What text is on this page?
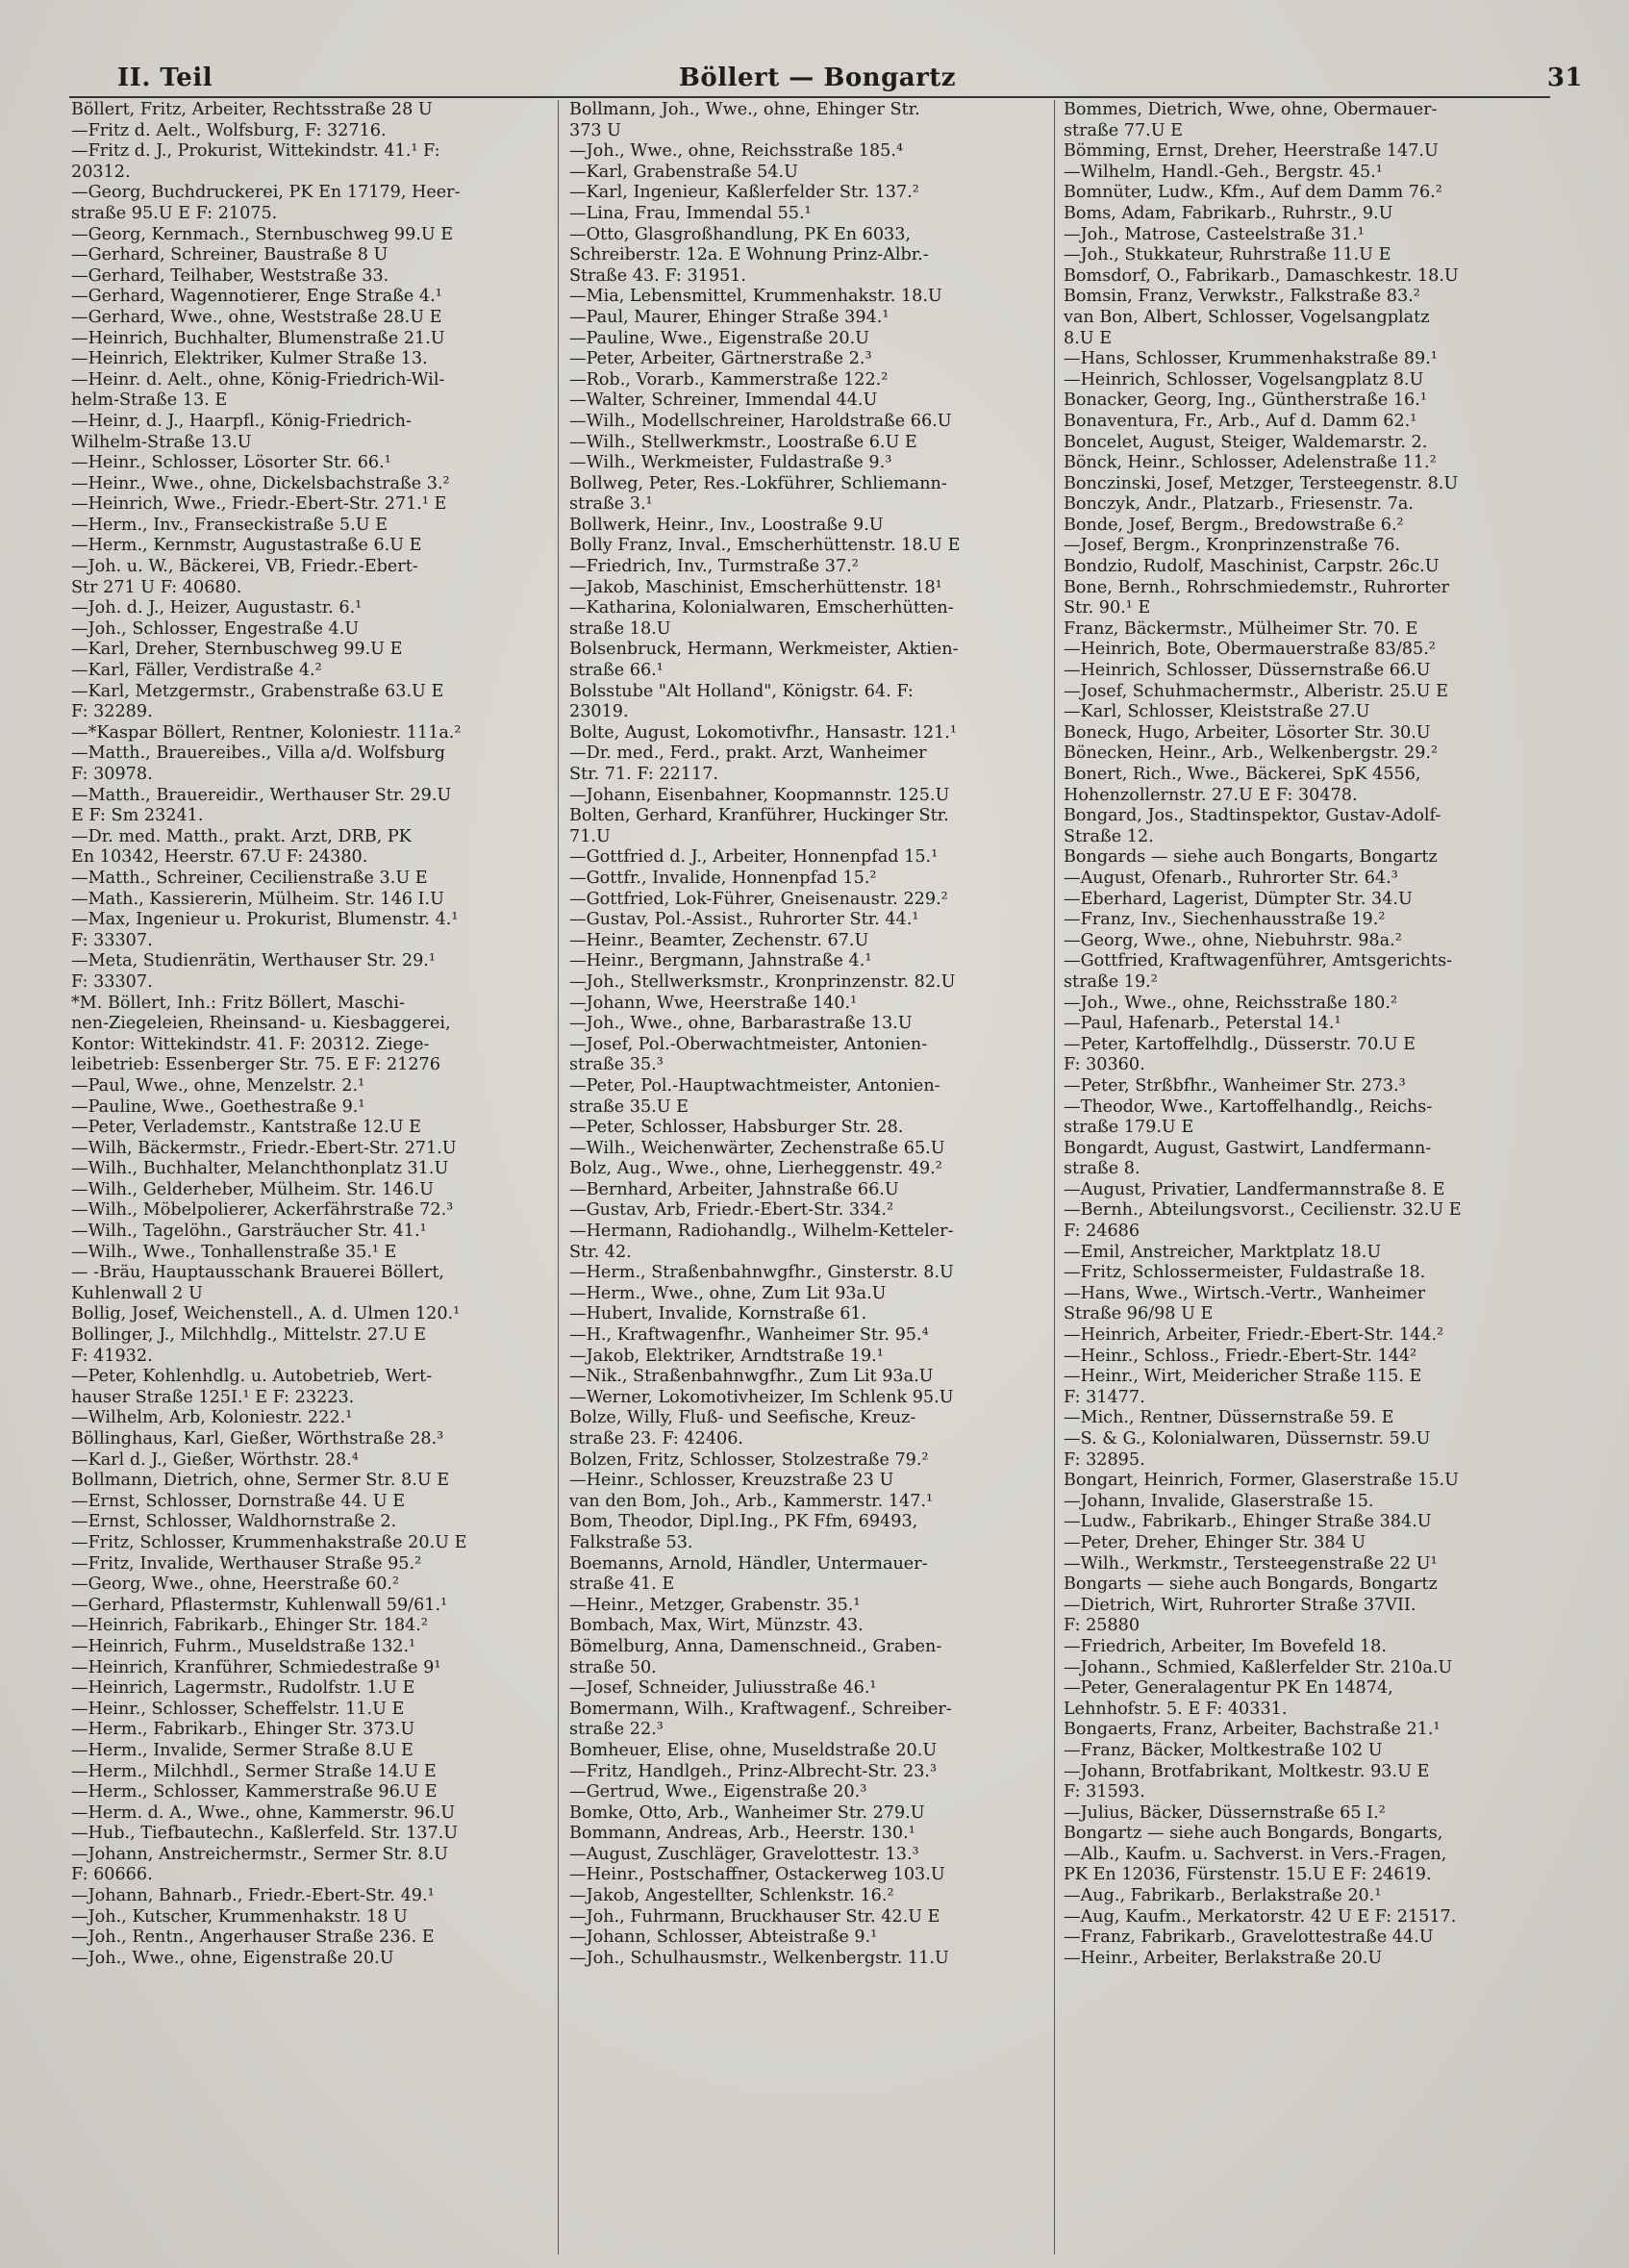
II. Teil	Böllert — Bongartz	31
Böllert, Fritz, Arbeiter, Rechtsstraße 28 U
—Fritz d. Aelt., Wolfsburg, F: 32716.
—Fritz d. J., Prokurist, Wittekindstr. 41.¹ F:
20312.
—Georg, Buchdruckerei, PK En 17179, Heer-
straße 95.U E F: 21075.
—Georg, Kernmach., Sternbuschweg 99.U E
—Gerhard, Schreiner, Baustraße 8 U
—Gerhard, Teilhaber, Weststraße 33.
—Gerhard, Wagennotierer, Enge Straße 4.¹
—Gerhard, Wwe., ohne, Weststraße 28.U E
—Heinrich, Buchhalter, Blumenstraße 21.U
—Heinrich, Elektriker, Kulmer Straße 13.
—Heinr. d. Aelt., ohne, König-Friedrich-Wil-
helm-Straße 13. E
—Heinr, d. J., Haarpfl., König-Friedrich-
Wilhelm-Straße 13.U
—Heinr., Schlosser, Lösorter Str. 66.¹
—Heinr., Wwe., ohne, Dickelsbachstraße 3.²
—Heinrich, Wwe., Friedr.-Ebert-Str. 271.¹ E
—Herm., Inv., Franseckistraße 5.U E
—Herm., Kernmstr, Augustastraße 6.U E
—Joh. u. W., Bäckerei, VB, Friedr.-Ebert-
Str 271 U F: 40680.
—Joh. d. J., Heizer, Augustastr. 6.¹
—Joh., Schlosser, Engestraße 4.U
—Karl, Dreher, Sternbuschweg 99.U E
—Karl, Fäller, Verdistraße 4.²
—Karl, Metzgermstr., Grabenstraße 63.U E
F: 32289.
—*Kaspar Böllert, Rentner, Koloniestr. 111a.²
—Matth., Brauereibes., Villa a/d. Wolfsburg
F: 30978.
—Matth., Brauereidir., Werthauser Str. 29.U
E F: Sm 23241.
—Dr. med. Matth., prakt. Arzt, DRB, PK
En 10342, Heerstr. 67.U F: 24380.
—Matth., Schreiner, Cecilienstraße 3.U E
—Math., Kassiererin, Mülheim. Str. 146 I.U
—Max, Ingenieur u. Prokurist, Blumenstr. 4.¹
F: 33307.
—Meta, Studienrätin, Werthauser Str. 29.¹
F: 33307.
*M. Böllert, Inh.: Fritz Böllert, Maschi-
nen-Ziegeleien, Rheinsand- u. Kiesbaggerei,
Kontor: Wittekindstr. 41. F: 20312. Ziege-
leibetrieb: Essenberger Str. 75. E F: 21276
—Paul, Wwe., ohne, Menzelstr. 2.¹
—Pauline, Wwe., Goethestraße 9.¹
—Peter, Verlademstr., Kantstraße 12.U E
—Wilh, Bäckermstr., Friedr.-Ebert-Str. 271.U
—Wilh., Buchhalter, Melanchthonplatz 31.U
—Wilh., Gelderheber, Mülheim. Str. 146.U
—Wilh., Möbelpolierer, Ackerfährstraße 72.³
—Wilh., Tagelöhn., Garsträucher Str. 41.¹
—Wilh., Wwe., Tonhallenstraße 35.¹ E
— -Bräu, Hauptausschank Brauerei Böllert,
Kuhlenwall 2 U
Bollig, Josef, Weichenstell., A. d. Ulmen 120.¹
Bollinger, J., Milchhdlg., Mittelstr. 27.U E
F: 41932.
—Peter, Kohlenhdlg. u. Autobetrieb, Wert-
hauser Straße 125I.¹ E F: 23223.
—Wilhelm, Arb, Koloniestr. 222.¹
Böllinghaus, Karl, Gießer, Wörthstraße 28.³
—Karl d. J., Gießer, Wörthstr. 28.⁴
Bollmann, Dietrich, ohne, Sermer Str. 8.U E
—Ernst, Schlosser, Dornstraße 44. U E
—Ernst, Schlosser, Waldhornstraße 2.
—Fritz, Schlosser, Krummenhakstraße 20.U E
—Fritz, Invalide, Werthauser Straße 95.²
—Georg, Wwe., ohne, Heerstraße 60.²
—Gerhard, Pflastermstr, Kuhlenwall 59/61.¹
—Heinrich, Fabrikarb., Ehinger Str. 184.²
—Heinrich, Fuhrm., Museldstraße 132.¹
—Heinrich, Kranführer, Schmiedestraße 9¹
—Heinrich, Lagermstr., Rudolfstr. 1.U E
—Heinr., Schlosser, Scheffelstr. 11.U E
—Herm., Fabrikarb., Ehinger Str. 373.U
—Herm., Invalide, Sermer Straße 8.U E
—Herm., Milchhdl., Sermer Straße 14.U E
—Herm., Schlosser, Kammerstraße 96.U E
—Herm. d. A., Wwe., ohne, Kammerstr. 96.U
—Hub., Tiefbautechn., Kaßlerfeld. Str. 137.U
—Johann, Anstreichermstr., Sermer Str. 8.U
F: 60666.
—Johann, Bahnarb., Friedr.-Ebert-Str. 49.¹
—Joh., Kutscher, Krummenhakstr. 18 U
—Joh., Rentn., Angerhauser Straße 236. E
—Joh., Wwe., ohne, Eigenstraße 20.U
Bollmann, Joh., Wwe., ohne, Ehinger Str.
373 U
—Joh., Wwe., ohne, Reichsstraße 185.⁴
—Karl, Grabenstraße 54.U
—Karl, Ingenieur, Kaßlerfelder Str. 137.²
—Lina, Frau, Immendal 55.¹
—Otto, Glasgroßhandlung, PK En 6033,
Schreiberstr. 12a. E Wohnung Prinz-Albr.-
Straße 43. F: 31951.
—Mia, Lebensmittel, Krummenhakstr. 18.U
—Paul, Maurer, Ehinger Straße 394.¹
—Pauline, Wwe., Eigenstraße 20.U
—Peter, Arbeiter, Gärtnerstraße 2.³
—Rob., Vorarb., Kammerstraße 122.²
—Walter, Schreiner, Immendal 44.U
—Wilh., Modellschreiner, Haroldstraße 66.U
—Wilh., Stellwerkmstr., Loostraße 6.U E
—Wilh., Werkmeister, Fuldastraße 9.³
Bollweg, Peter, Res.-Lokführer, Schliemann-
straße 3.¹
Bollwerk, Heinr., Inv., Loostraße 9.U
Bolly Franz, Inval., Emscherhüttenstr. 18.U E
—Friedrich, Inv., Turmstraße 37.²
—Jakob, Maschinist, Emscherhüttenstr. 18¹
—Katharina, Kolonialwaren, Emscherhütten-
straße 18.U
Bolsenbruck, Hermann, Werkmeister, Aktien-
straße 66.¹
Bolsstube "Alt Holland", Königstr. 64. F:
23019.
Bolte, August, Lokomotivfhr., Hansastr. 121.¹
—Dr. med., Ferd., prakt. Arzt, Wanheimer
Str. 71. F: 22117.
—Johann, Eisenbahner, Koopmannstr. 125.U
Bolten, Gerhard, Kranführer, Huckinger Str.
71.U
—Gottfried d. J., Arbeiter, Honnenpfad 15.¹
—Gottfr., Invalide, Honnenpfad 15.²
—Gottfried, Lok-Führer, Gneisenaustr. 229.²
—Gustav, Pol.-Assist., Ruhrorter Str. 44.¹
—Heinr., Beamter, Zechenstr. 67.U
—Heinr., Bergmann, Jahnstraße 4.¹
—Joh., Stellwerksmstr., Kronprinzenstr. 82.U
—Johann, Wwe, Heerstraße 140.¹
—Joh., Wwe., ohne, Barbarastraße 13.U
—Josef, Pol.-Oberwachtmeister, Antonien-
straße 35.³
—Peter, Pol.-Hauptwachtmeister, Antonien-
straße 35.U E
—Peter, Schlosser, Habsburger Str. 28.
—Wilh., Weichenwärter, Zechenstraße 65.U
Bolz, Aug., Wwe., ohne, Lierheggenstr. 49.²
—Bernhard, Arbeiter, Jahnstraße 66.U
—Gustav, Arb, Friedr.-Ebert-Str. 334.²
—Hermann, Radiohandlg., Wilhelm-Ketteler-
Str. 42.
—Herm., Straßenbahnwgfhr., Ginsterstr. 8.U
—Herm., Wwe., ohne, Zum Lit 93a.U
—Hubert, Invalide, Kornstraße 61.
—H., Kraftwagenfhr., Wanheimer Str. 95.⁴
—Jakob, Elektriker, Arndtstraße 19.¹
—Nik., Straßenbahnwgfhr., Zum Lit 93a.U
—Werner, Lokomotivheizer, Im Schlenk 95.U
Bolze, Willy, Fluß- und Seefische, Kreuz-
straße 23. F: 42406.
Bolzen, Fritz, Schlosser, Stolzestraße 79.²
—Heinr., Schlosser, Kreuzstraße 23 U
van den Bom, Joh., Arb., Kammerstr. 147.¹
Bom, Theodor, Dipl.Ing., PK Ffm, 69493,
Falkstraße 53.
Boemanns, Arnold, Händler, Untermauer-
straße 41. E
—Heinr., Metzger, Grabenstr. 35.¹
Bombach, Max, Wirt, Münzstr. 43.
Bömelburg, Anna, Damenschneid., Graben-
straße 50.
—Josef, Schneider, Juliusstraße 46.¹
Bomermann, Wilh., Kraftwagenf., Schreiber-
straße 22.³
Bomheuer, Elise, ohne, Museldstraße 20.U
—Fritz, Handlgeh., Prinz-Albrecht-Str. 23.³
—Gertrud, Wwe., Eigenstraße 20.³
Bomke, Otto, Arb., Wanheimer Str. 279.U
Bommann, Andreas, Arb., Heerstr. 130.¹
—August, Zuschläger, Gravelottestr. 13.³
—Heinr., Postschaffner, Ostackerweg 103.U
—Jakob, Angestellter, Schlenkstr. 16.²
—Joh., Fuhrmann, Bruckhauser Str. 42.U E
—Johann, Schlosser, Abteistraße 9.¹
—Joh., Schulhausmstr., Welkenbergstr. 11.U
Bommes, Dietrich, Wwe, ohne, Obermauer-
straße 77.U E
Bömming, Ernst, Dreher, Heerstraße 147.U
—Wilhelm, Handl.-Geh., Bergstr. 45.¹
Bomnüter, Ludw., Kfm., Auf dem Damm 76.²
Boms, Adam, Fabrikarb., Ruhrstr., 9.U
—Joh., Matrose, Casteelstraße 31.¹
—Joh., Stukkateur, Ruhrstraße 11.U E
Bomsdorf, O., Fabrikarb., Damaschkestr. 18.U
Bomsin, Franz, Verwkstr., Falkstraße 83.²
van Bon, Albert, Schlosser, Vogelsangplatz
8.U E
—Hans, Schlosser, Krummenhakstraße 89.¹
—Heinrich, Schlosser, Vogelsangplatz 8.U
Bonacker, Georg, Ing., Güntherstraße 16.¹
Bonaventura, Fr., Arb., Auf d. Damm 62.¹
Boncelet, August, Steiger, Waldemarstr. 2.
Bönck, Heinr., Schlosser, Adelenstraße 11.²
Bonczinski, Josef, Metzger, Tersteegenstr. 8.U
Bonczyk, Andr., Platzarb., Friesenstr. 7a.
Bonde, Josef, Bergm., Bredowstraße 6.²
—Josef, Bergm., Kronprinzenstraße 76.
Bondzio, Rudolf, Maschinist, Carpstr. 26c.U
Bone, Bernh., Rohrschmiedemstr., Ruhrorter
Str. 90.¹ E
Franz, Bäckermstr., Mülheimer Str. 70. E
—Heinrich, Bote, Obermauerstraße 83/85.²
—Heinrich, Schlosser, Düssernstraße 66.U
—Josef, Schuhmachermstr., Alberistr. 25.U E
—Karl, Schlosser, Kleiststraße 27.U
Boneck, Hugo, Arbeiter, Lösorter Str. 30.U
Bönecken, Heinr., Arb., Welkenbergstr. 29.²
Bonert, Rich., Wwe., Bäckerei, SpK 4556,
Hohenzollernstr. 27.U E F: 30478.
Bongard, Jos., Stadtinspektor, Gustav-Adolf-
Straße 12.
Bongards — siehe auch Bongarts, Bongartz
—August, Ofenarb., Ruhrorter Str. 64.³
—Eberhard, Lagerist, Dümpter Str. 34.U
—Franz, Inv., Siechenhausstraße 19.²
—Georg, Wwe., ohne, Niebuhrstr. 98a.²
—Gottfried, Kraftwagenführer, Amtsgerichts-
straße 19.²
—Joh., Wwe., ohne, Reichsstraße 180.²
—Paul, Hafenarb., Peterstal 14.¹
—Peter, Kartoffelhdlg., Düsserstr. 70.U E
F: 30360.
—Peter, Strßbfhr., Wanheimer Str. 273.³
—Theodor, Wwe., Kartoffelhandlg., Reichs-
straße 179.U E
Bongardt, August, Gastwirt, Landfermann-
straße 8.
—August, Privatier, Landfermannstraße 8. E
—Bernh., Abteilungsvorst., Cecilienstr. 32.U E
F: 24686
—Emil, Anstreicher, Marktplatz 18.U
—Fritz, Schlossermeister, Fuldastraße 18.
—Hans, Wwe., Wirtsch.-Vertr., Wanheimer
Straße 96/98 U E
—Heinrich, Arbeiter, Friedr.-Ebert-Str. 144.²
—Heinr., Schloss., Friedr.-Ebert-Str. 144²
—Heinr., Wirt, Meidericher Straße 115. E
F: 31477.
—Mich., Rentner, Düssernstraße 59. E
—S. & G., Kolonialwaren, Düssernstr. 59.U
F: 32895.
Bongart, Heinrich, Former, Glaserstraße 15.U
—Johann, Invalide, Glaserstraße 15.
—Ludw., Fabrikarb., Ehinger Straße 384.U
—Peter, Dreher, Ehinger Str. 384 U
—Wilh., Werkmstr., Tersteegenstraße 22 U¹
Bongarts — siehe auch Bongards, Bongartz
—Dietrich, Wirt, Ruhrorter Straße 37VII.
F: 25880
—Friedrich, Arbeiter, Im Bovefeld 18.
—Johann., Schmied, Kaßlerfelder Str. 210a.U
—Peter, Generalagentur PK En 14874,
Lehnhofstr. 5. E F: 40331.
Bongaerts, Franz, Arbeiter, Bachstraße 21.¹
—Franz, Bäcker, Moltkestraße 102 U
—Johann, Brotfabrikant, Moltkestr. 93.U E
F: 31593.
—Julius, Bäcker, Düssernstraße 65 I.²
Bongartz — siehe auch Bongards, Bongarts,
—Alb., Kaufm. u. Sachverst. in Vers.-Fragen,
PK En 12036, Fürstenstr. 15.U E F: 24619.
—Aug., Fabrikarb., Berlakstraße 20.¹
—Aug, Kaufm., Merkatorstr. 42 U E F: 21517.
—Franz, Fabrikarb., Gravelottestraße 44.U
—Heinr., Arbeiter, Berlakstraße 20.U
